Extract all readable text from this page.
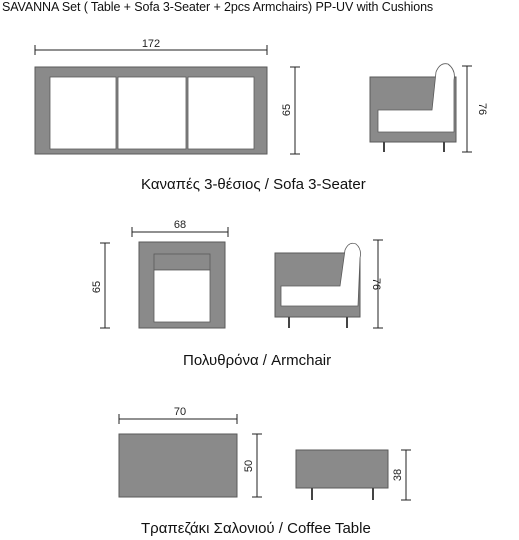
SAVANNA Set ( Table + Sofa 3-Seater + 2pcs Armchairs) PP-UV with Cushions
172
65	76
68
65	76
70
50
38
Καναπές 3-θέσιος / Sofa 3-Seater
Πολυθρόνα / Armchair
Τραπεζάκι Σαλονιού / Coffee Table
